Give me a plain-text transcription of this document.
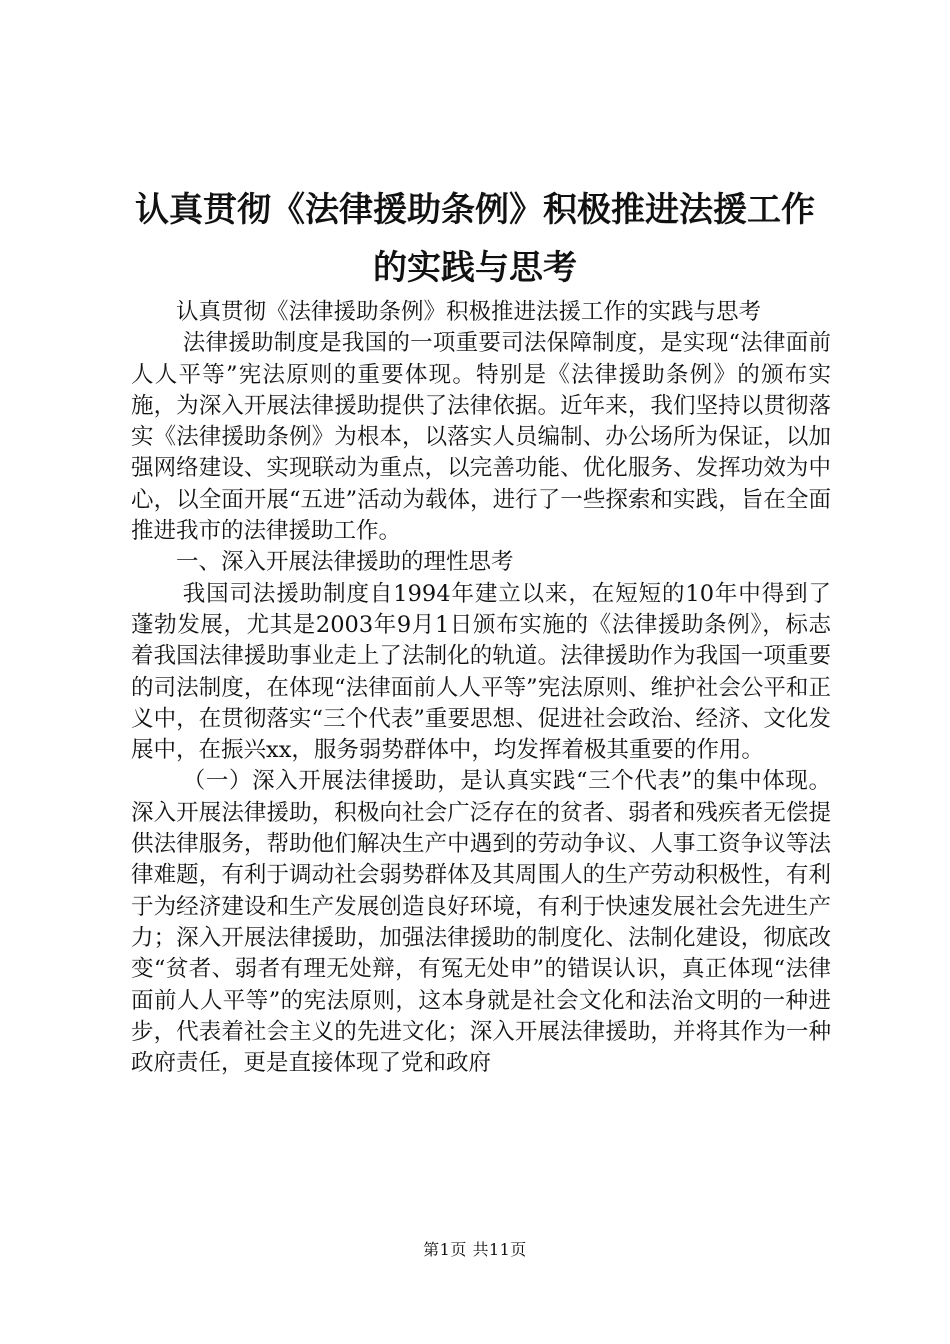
认真贯彻《法律援助条例》积极推进法援工作
的实践与思考

认真贯彻《法律援助条例》积极推进法援工作的实践与思考

法律援助制度是我国的一项重要司法保障制度，是实现“法律面前人人平等”宪法原则的重要体现。特别是《法律援助条例》的颁布实施，为深入开展法律援助提供了法律依据。近年来，我们坚持以贯彻落实《法律援助条例》为根本，以落实人员编制、办公场所为保证，以加强网络建设、实现联动为重点，以完善功能、优化服务、发挥功效为中心，以全面开展“五进”活动为载体，进行了一些探索和实践，旨在全面推进我市的法律援助工作。

一、深入开展法律援助的理性思考

我国司法援助制度自1994年建立以来，在短短的10年中得到了蓬勃发展，尤其是2003年9月1日颁布实施的《法律援助条例》，标志着我国法律援助事业走上了法制化的轨道。法律援助作为我国一项重要的司法制度，在体现“法律面前人人平等”宪法原则、维护社会公平和正义中，在贯彻落实“三个代表”重要思想、促进社会政治、经济、文化发展中，在振兴xx，服务弱势群体中，均发挥着极其重要的作用。

（一）深入开展法律援助，是认真实践“三个代表”的集中体现。深入开展法律援助，积极向社会广泛存在的贫者、弱者和残疾者无偿提供法律服务，帮助他们解决生产中遇到的劳动争议、人事工资争议等法律难题，有利于调动社会弱势群体及其周围人的生产劳动积极性，有利于为经济建设和生产发展创造良好环境，有利于快速发展社会先进生产力；深入开展法律援助，加强法律援助的制度化、法制化建设，彻底改变“贫者、弱者有理无处辩，有冤无处申”的错误认识，真正体现“法律面前人人平等”的宪法原则，这本身就是社会文化和法治文明的一种进步，代表着社会主义的先进文化；深入开展法律援助，并将其作为一种政府责任，更是直接体现了党和政府

第1页 共11页
